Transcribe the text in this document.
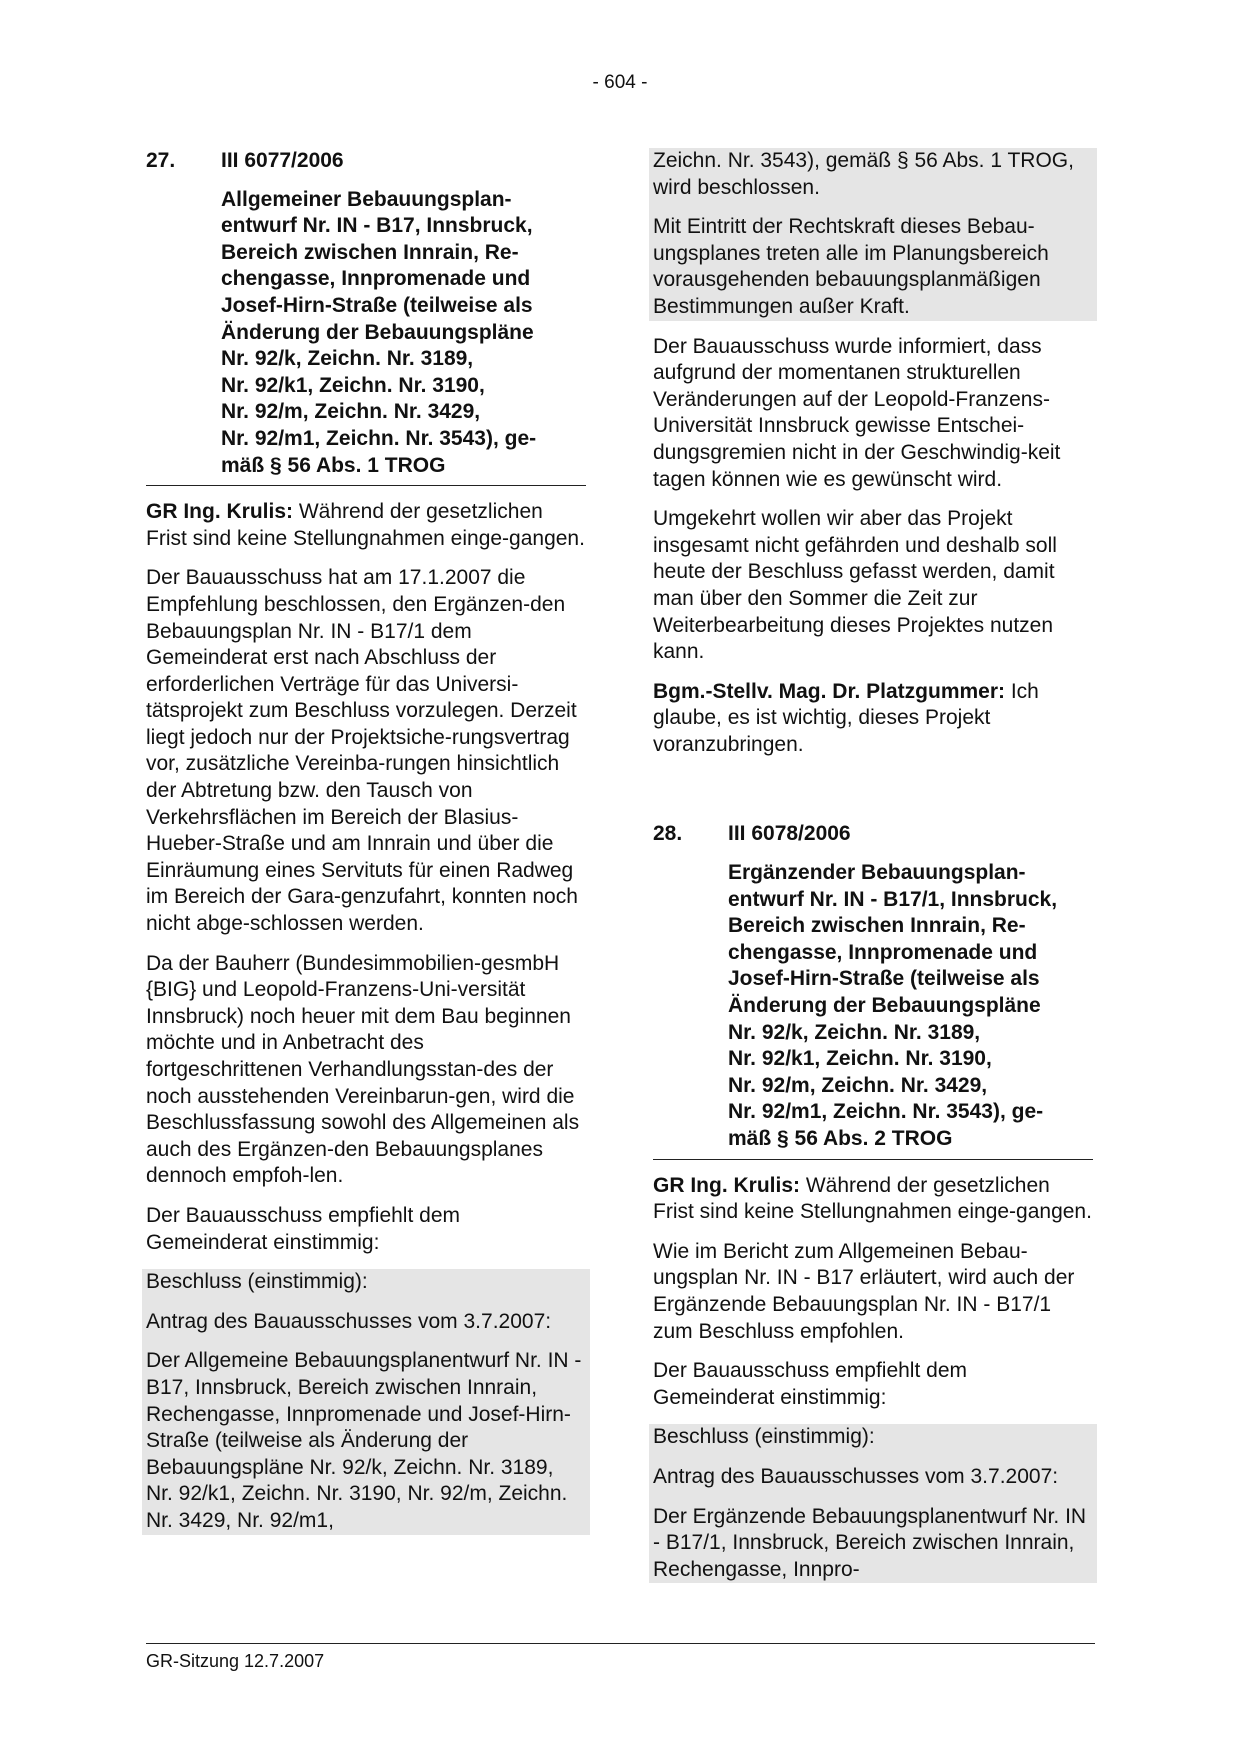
- 604 -
27.	III 6077/2006
Allgemeiner Bebauungsplan-
entwurf Nr. IN - B17, Innsbruck,
Bereich zwischen Innrain, Re-
chengasse, Innpromenade und
Josef-Hirn-Straße (teilweise als
Änderung der Bebauungspläne
Nr. 92/k, Zeichn. Nr. 3189,
Nr. 92/k1, Zeichn. Nr. 3190,
Nr. 92/m, Zeichn. Nr. 3429,
Nr. 92/m1, Zeichn. Nr. 3543), ge-
mäß § 56 Abs. 1 TROG

GR Ing. Krulis: Während der gesetzlichen Frist sind keine Stellungnahmen einge-gangen.

Der Bauausschuss hat am 17.1.2007 die Empfehlung beschlossen, den Ergänzen-den Bebauungsplan Nr. IN - B17/1 dem Gemeinderat erst nach Abschluss der erforderlichen Verträge für das Universi-tätsprojekt zum Beschluss vorzulegen. Derzeit liegt jedoch nur der Projektsiche-rungsvertrag vor, zusätzliche Vereinba-rungen hinsichtlich der Abtretung bzw. den Tausch von Verkehrsflächen im Bereich der Blasius-Hueber-Straße und am Innrain und über die Einräumung eines Servituts für einen Radweg im Bereich der Gara-genzufahrt, konnten noch nicht abge-schlossen werden.

Da der Bauherr (Bundesimmobilien-gesmbH {BIG} und Leopold-Franzens-Uni-versität Innsbruck) noch heuer mit dem Bau beginnen möchte und in Anbetracht des fortgeschrittenen Verhandlungsstan-des der noch ausstehenden Vereinbarun-gen, wird die Beschlussfassung sowohl des Allgemeinen als auch des Ergänzen-den Bebauungsplanes dennoch empfoh-len.

Der Bauausschuss empfiehlt dem Gemeinderat einstimmig:

Beschluss (einstimmig):

Antrag des Bauausschusses vom 3.7.2007:

Der Allgemeine Bebauungsplanentwurf Nr. IN - B17, Innsbruck, Bereich zwischen Innrain, Rechengasse, Innpromenade und Josef-Hirn-Straße (teilweise als Änderung der Bebauungspläne Nr. 92/k, Zeichn. Nr. 3189, Nr. 92/k1, Zeichn. Nr. 3190, Nr. 92/m, Zeichn. Nr. 3429, Nr. 92/m1,

Zeichn. Nr. 3543), gemäß § 56 Abs. 1 TROG, wird beschlossen.

Mit Eintritt der Rechtskraft dieses Bebau-ungsplanes treten alle im Planungsbereich vorausgehenden bebauungsplanmäßigen Bestimmungen außer Kraft.

Der Bauausschuss wurde informiert, dass aufgrund der momentanen strukturellen Veränderungen auf der Leopold-Franzens-Universität Innsbruck gewisse Entschei-dungsgremien nicht in der Geschwindig-keit tagen können wie es gewünscht wird.

Umgekehrt wollen wir aber das Projekt insgesamt nicht gefährden und deshalb soll heute der Beschluss gefasst werden, damit man über den Sommer die Zeit zur Weiterbearbeitung dieses Projektes nutzen kann.

Bgm.-Stellv. Mag. Dr. Platzgummer: Ich glaube, es ist wichtig, dieses Projekt voranzubringen.

28.	III 6078/2006
Ergänzender Bebauungsplan-
entwurf Nr. IN - B17/1, Innsbruck,
Bereich zwischen Innrain, Re-
chengasse, Innpromenade und
Josef-Hirn-Straße (teilweise als
Änderung der Bebauungspläne
Nr. 92/k, Zeichn. Nr. 3189,
Nr. 92/k1, Zeichn. Nr. 3190,
Nr. 92/m, Zeichn. Nr. 3429,
Nr. 92/m1, Zeichn. Nr. 3543), ge-
mäß § 56 Abs. 2 TROG

GR Ing. Krulis: Während der gesetzlichen Frist sind keine Stellungnahmen einge-gangen.

Wie im Bericht zum Allgemeinen Bebau-ungsplan Nr. IN - B17 erläutert, wird auch der Ergänzende Bebauungsplan Nr. IN - B17/1 zum Beschluss empfohlen.

Der Bauausschuss empfiehlt dem Gemeinderat einstimmig:

Beschluss (einstimmig):

Antrag des Bauausschusses vom 3.7.2007:

Der Ergänzende Bebauungsplanentwurf Nr. IN - B17/1, Innsbruck, Bereich zwischen Innrain, Rechengasse, Innpro-

GR-Sitzung 12.7.2007
